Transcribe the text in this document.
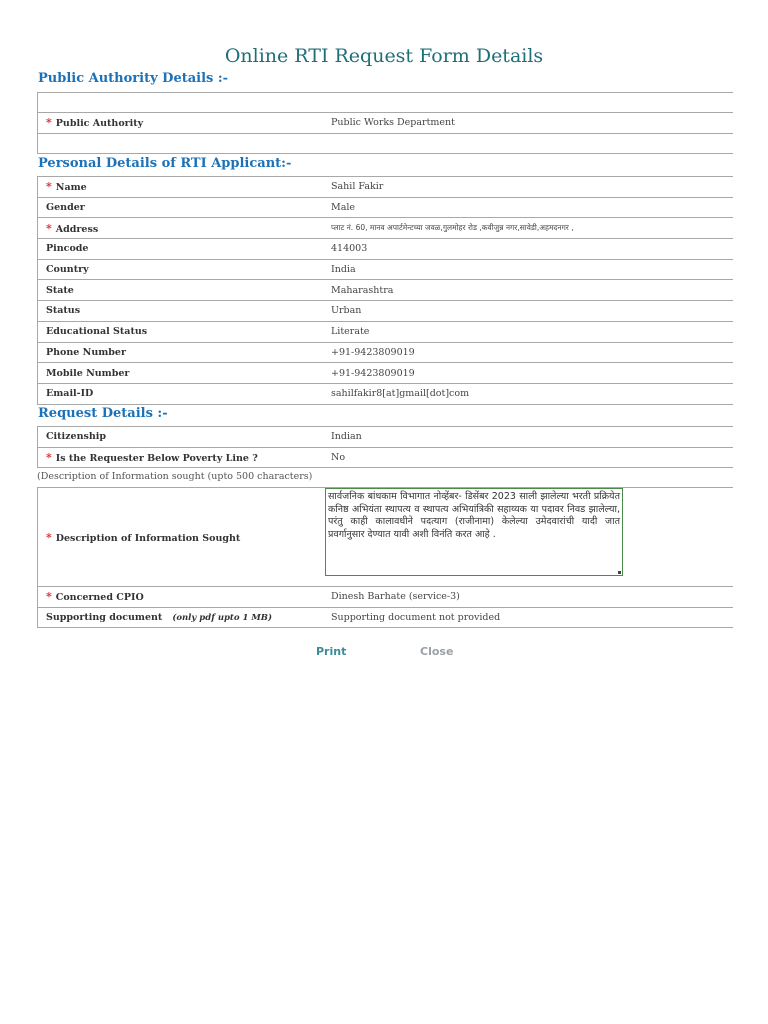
Online RTI Request Form Details
Public Authority Details :-

* Public Authority	Public Works Department

Personal Details of RTI Applicant:-
* Name	Sahil Fakir
Gender	Male
* Address	प्लाट नं. 60, मानव अपार्टमेन्टच्या जवळ,गुलमोहर रोड ,कवीजुन्न नगर,सावेडी,अहमदनगर ,
Pincode	414003
Country	India
State	Maharashtra
Status	Urban
Educational Status	Literate
Phone Number	+91-9423809019
Mobile Number	+91-9423809019
Email-ID	sahilfakir8[at]gmail[dot]com
Request Details :-
Citizenship	Indian
* Is the Requester Below Poverty Line ?	No
(Description of Information sought (upto 500 characters)
* Description of Information Sought	सार्वजनिक बांधकाम विभागात नोव्हेंबर- डिसेंबर 2023 साली झालेल्या भरती प्रक्रियेत कनिष्ठ अभियंता स्थापत्य व स्थापत्य अभियांत्रिकी सहाय्यक या पदावर निवड झालेल्या, परंतु काही कालावधीने पदत्याग (राजीनामा) केलेल्या उमेदवारांची यादी जात प्रवर्गानुसार देण्यात यावी अशी विनंति करत आहे .

* Concerned CPIO	Dinesh Barhate (service-3)
Supporting document (only pdf upto 1 MB)	Supporting document not provided
Print	Close
